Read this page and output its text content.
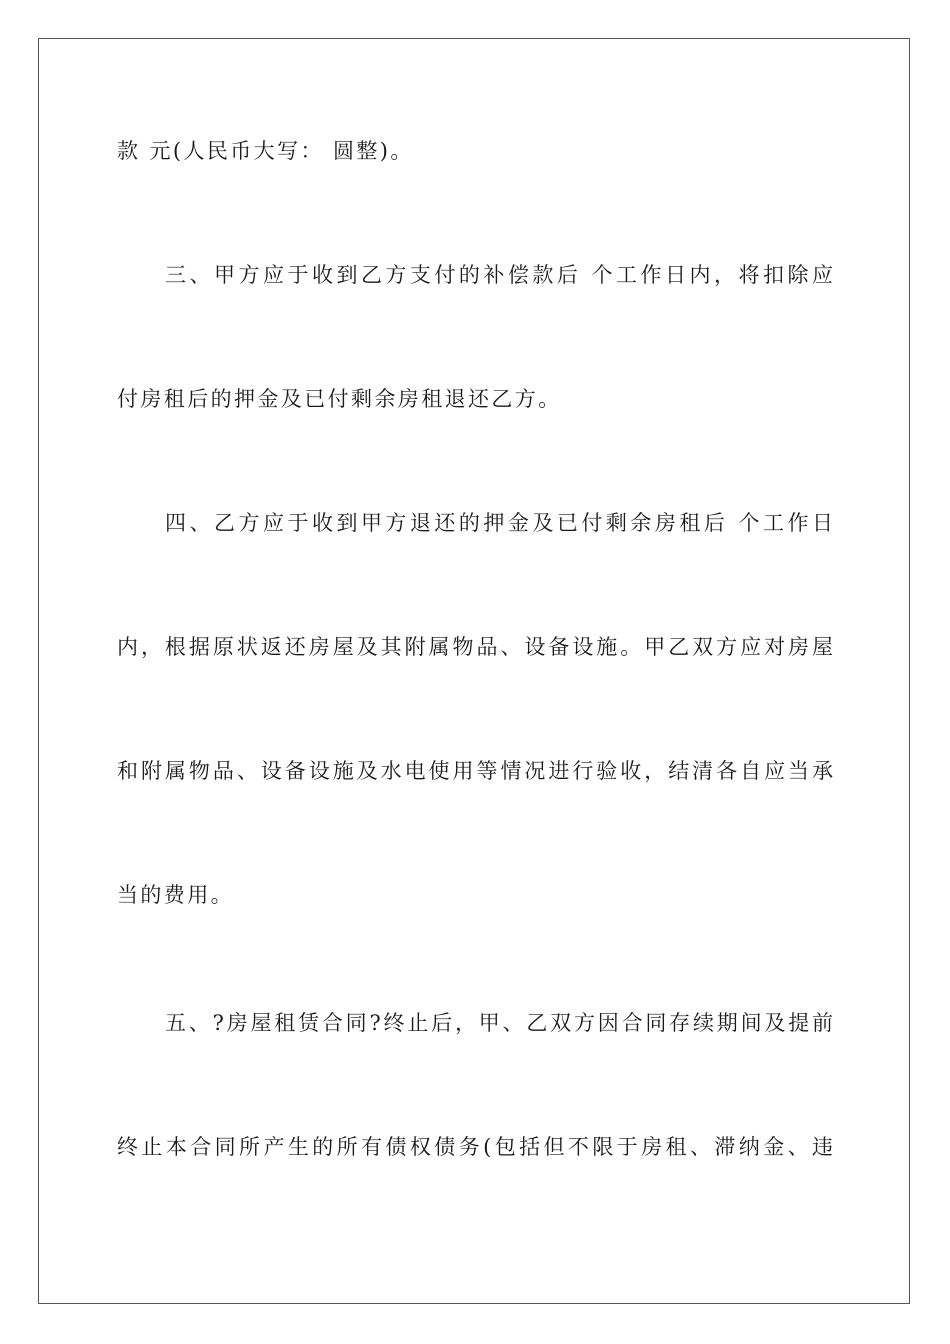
款 元(人民币大写： 圆整)。
三、甲方应于收到乙方支付的补偿款后 个工作日内，将扣除应
付房租后的押金及已付剩余房租退还乙方。
四、乙方应于收到甲方退还的押金及已付剩余房租后 个工作日
内，根据原状返还房屋及其附属物品、设备设施。甲乙双方应对房屋
和附属物品、设备设施及水电使用等情况进行验收，结清各自应当承
当的费用。
五、?房屋租赁合同?终止后，甲、乙双方因合同存续期间及提前
终止本合同所产生的所有债权债务(包括但不限于房租、滞纳金、违
